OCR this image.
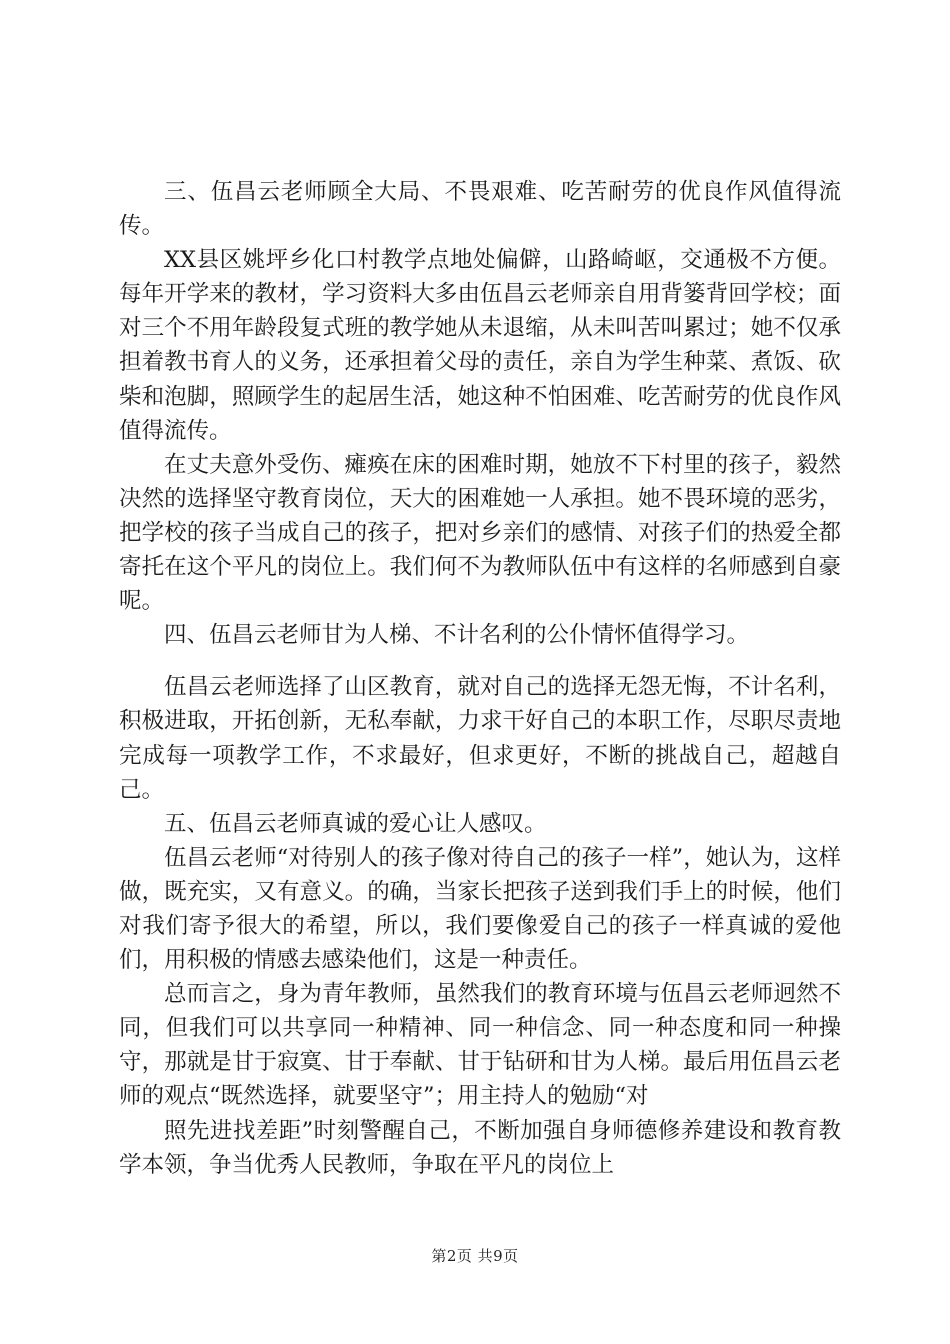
三、伍昌云老师顾全大局、不畏艰难、吃苦耐劳的优良作风值得流传。

XX县区姚坪乡化口村教学点地处偏僻，山路崎岖，交通极不方便。每年开学来的教材，学习资料大多由伍昌云老师亲自用背篓背回学校；面对三个不用年龄段复式班的教学她从未退缩，从未叫苦叫累过；她不仅承担着教书育人的义务，还承担着父母的责任，亲自为学生种菜、煮饭、砍柴和泡脚，照顾学生的起居生活，她这种不怕困难、吃苦耐劳的优良作风值得流传。

在丈夫意外受伤、瘫痪在床的困难时期，她放不下村里的孩子，毅然决然的选择坚守教育岗位，天大的困难她一人承担。她不畏环境的恶劣，把学校的孩子当成自己的孩子，把对乡亲们的感情、对孩子们的热爱全都寄托在这个平凡的岗位上。我们何不为教师队伍中有这样的名师感到自豪呢。

四、伍昌云老师甘为人梯、不计名利的公仆情怀值得学习。

伍昌云老师选择了山区教育，就对自己的选择无怨无悔，不计名利，积极进取，开拓创新，无私奉献，力求干好自己的本职工作，尽职尽责地完成每一项教学工作，不求最好，但求更好，不断的挑战自己，超越自己。

五、伍昌云老师真诚的爱心让人感叹。

伍昌云老师“对待别人的孩子像对待自己的孩子一样”，她认为，这样做，既充实，又有意义。的确，当家长把孩子送到我们手上的时候，他们对我们寄予很大的希望，所以，我们要像爱自己的孩子一样真诚的爱他们，用积极的情感去感染他们，这是一种责任。

总而言之，身为青年教师，虽然我们的教育环境与伍昌云老师迥然不同，但我们可以共享同一种精神、同一种信念、同一种态度和同一种操守，那就是甘于寂寞、甘于奉献、甘于钻研和甘为人梯。最后用伍昌云老师的观点“既然选择，就要坚守”；用主持人的勉励“对

照先进找差距”时刻警醒自己，不断加强自身师德修养建设和教育教学本领，争当优秀人民教师，争取在平凡的岗位上

第2页 共9页
